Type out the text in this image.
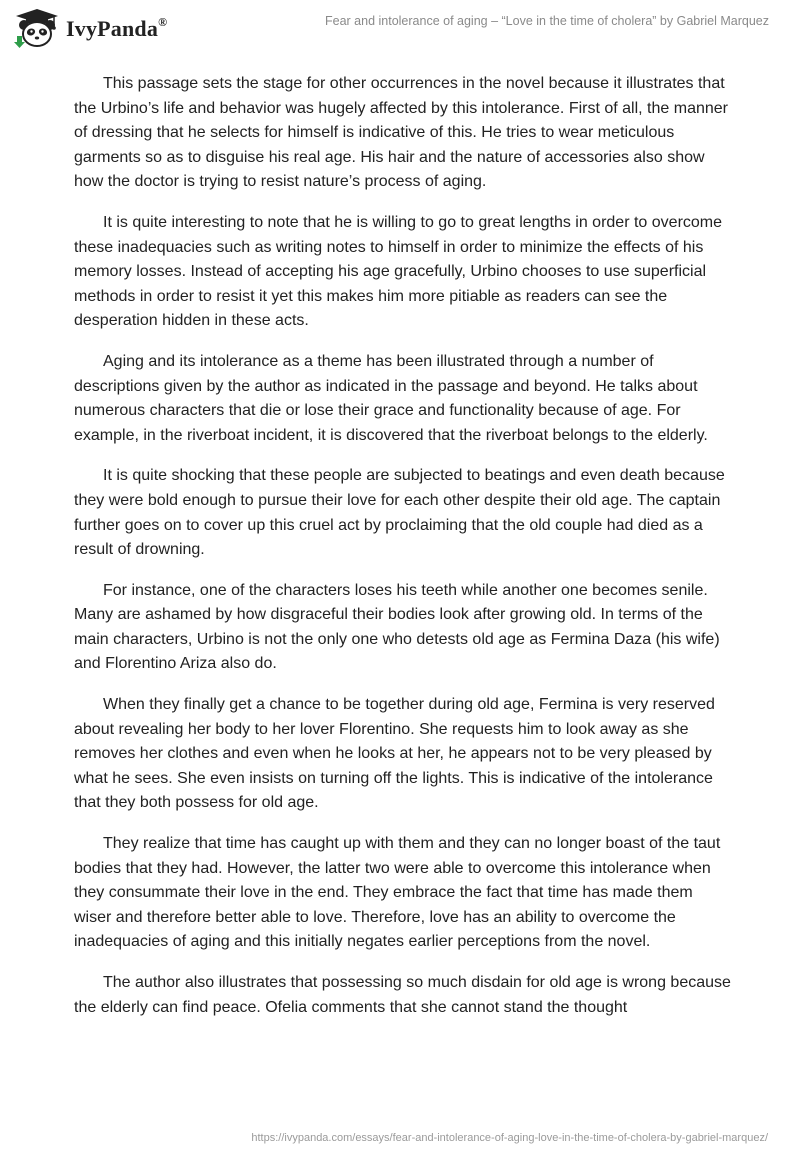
IvyPanda®	Fear and intolerance of aging – “Love in the time of cholera” by Gabriel Marquez

This passage sets the stage for other occurrences in the novel because it illustrates that the Urbino’s life and behavior was hugely affected by this intolerance. First of all, the manner of dressing that he selects for himself is indicative of this. He tries to wear meticulous garments so as to disguise his real age. His hair and the nature of accessories also show how the doctor is trying to resist nature’s process of aging.

It is quite interesting to note that he is willing to go to great lengths in order to overcome these inadequacies such as writing notes to himself in order to minimize the effects of his memory losses. Instead of accepting his age gracefully, Urbino chooses to use superficial methods in order to resist it yet this makes him more pitiable as readers can see the desperation hidden in these acts.

Aging and its intolerance as a theme has been illustrated through a number of descriptions given by the author as indicated in the passage and beyond. He talks about numerous characters that die or lose their grace and functionality because of age. For example, in the riverboat incident, it is discovered that the riverboat belongs to the elderly.

It is quite shocking that these people are subjected to beatings and even death because they were bold enough to pursue their love for each other despite their old age. The captain further goes on to cover up this cruel act by proclaiming that the old couple had died as a result of drowning.

For instance, one of the characters loses his teeth while another one becomes senile. Many are ashamed by how disgraceful their bodies look after growing old. In terms of the main characters, Urbino is not the only one who detests old age as Fermina Daza (his wife) and Florentino Ariza also do.

When they finally get a chance to be together during old age, Fermina is very reserved about revealing her body to her lover Florentino. She requests him to look away as she removes her clothes and even when he looks at her, he appears not to be very pleased by what he sees. She even insists on turning off the lights. This is indicative of the intolerance that they both possess for old age.

They realize that time has caught up with them and they can no longer boast of the taut bodies that they had. However, the latter two were able to overcome this intolerance when they consummate their love in the end. They embrace the fact that time has made them wiser and therefore better able to love. Therefore, love has an ability to overcome the inadequacies of aging and this initially negates earlier perceptions from the novel.

The author also illustrates that possessing so much disdain for old age is wrong because the elderly can find peace. Ofelia comments that she cannot stand the thought

https://ivypanda.com/essays/fear-and-intolerance-of-aging-love-in-the-time-of-cholera-by-gabriel-marquez/
